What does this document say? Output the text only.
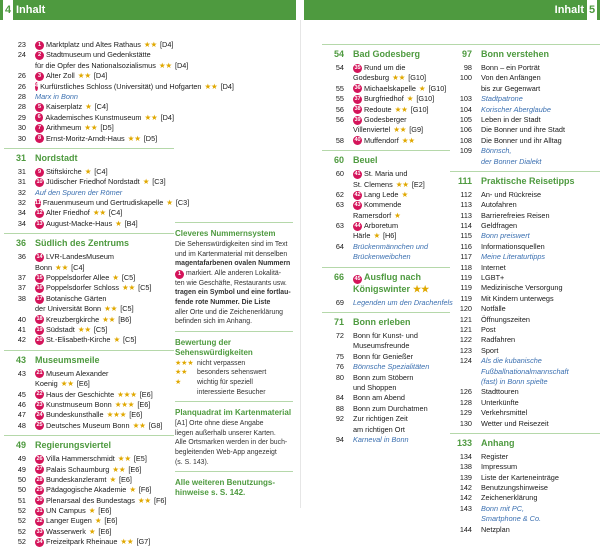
4 Inhalt	Inhalt 5
23	1 Marktplatz und Altes Rathaus ★★ [D4]
24	2 Stadtmuseum und Gedenkstätte
für die Opfer des Nationalsozialismus ★★ [D4]
26	3 Alter Zoll ★★ [D4]
26 4 Kurfürstliches Schloss (Universität) und Hofgarten ★★ [D4]
28 Marx in Bonn
28	5 Kaiserplatz ★ [C4]
29	6 Akademisches Kunstmuseum ★★ [D4]
30	7 Arithmeum ★★ [D5]
30	8 Ernst-Moritz-Arndt-Haus ★★ [D5]
31 Nordstadt
31	9 Stiftskirche ★ [C4]
31 10 Jüdischer Friedhof Nordstadt ★ [C3]
32 Auf den Spuren der Römer
32 11 Frauenmuseum und Gertrudiskapelle ★ [C3]
34 12 Alter Friedhof ★★ [C4]
34 13 August-Macke-Haus ★ [B4]
36 Südlich des Zentrums
36 14 LVR-LandesMuseum
Bonn ★★ [C4]
37 15 Poppelsdorfer Allee ★ [C5]
37 16 Poppelsdorfer Schloss ★★ [C5]
38 17 Botanische Gärten
der Universität Bonn ★★ [C5]
40 18 Kreuzbergkirche ★★ [B6]
41 19 Südstadt ★★ [C5]
42 20 St.-Elisabeth-Kirche ★ [C5]
43 Museumsmeile
43 21 Museum Alexander
Koenig ★★ [E6]
45 22 Haus der Geschichte ★★★ [E6]
46 23 Kunstmuseum Bonn ★★★ [E6]
47 24 Bundeskunsthalle ★★★ [E6]
48 25 Deutsches Museum Bonn ★★ [G8]
49 Regierungsviertel
49 26 Villa Hammerschmidt ★★ [E5]
49 27 Palais Schaumburg ★★ [E6]
50 28 Bundeskanzleramt ★ [E6]
50 29 Pädagogische Akademie ★ [F6]
51 30 Plenarsaal des Bundestags ★★ [F6]
52 31 UN Campus ★ [E6]
52 32 Langer Eugen ★ [E6]
52 33 Wasserwerk ★ [E6]
52 34 Freizeitpark Rheinaue ★★ [G7]
54 Bad Godesberg
54 35 Rund um die
Godesburg ★★ [G10]
55 36 Michaelskapelle ★ [G10]
55 37 Burgfriedhof ★ [G10]
56 38 Redoute ★★ [G10]
56 39 Godesberger
Villenviertel ★★ [G9]
58 40 Muffendorf ★★
60 Beuel
60 41 St. Maria und
St. Clemens ★★ [E2]
62 42 Lang Lede ★
63 43 Kommende
Ramersdorf ★
63 44 Arboretum
Härle ★ [H6]
64 Brückenmännchen und
Brückenweibchen
66 45 Ausflug nach
Königswinter ★★
69 Legenden um den Drachenfels
71 Bonn erleben
72 Bonn für Kunst- und
Museumsfreunde
75 Bonn für Genießer
76 Bönnsche Spezialitäten
80 Bonn zum Stöbern
und Shoppen
84 Bonn am Abend
88 Bonn zum Durchatmen
92 Zur richtigen Zeit
am richtigen Ort
94 Karneval in Bonn
97 Bonn verstehen
98 Bonn – ein Porträt
100 Von den Anfängen
bis zur Gegenwart
103 Stadtpatrone
104 Korischer Aberglaube
105 Leben in der Stadt
106 Die Bonner und ihre Stadt
108 Die Bonner und ihr Alltag
109 Bönnsch,
der Bonner Dialekt
111 Praktische Reisetipps
112 An- und Rückreise
113 Autofahren
113 Barrierefreies Reisen
114 Geldfragen
115 Bonn preiswert
116 Informationsquellen
117 Meine Literaturtipps
118 Internet
119 LGBT+
119 Medizinische Versorgung
119 Mit Kindern unterwegs
120 Notfälle
121 Öffnungszeiten
121 Post
122 Radfahren
123 Sport
124 Als die kubanische
Fußballnationalmannschaft
(fast) in Bonn spielte
126 Stadttouren
128 Unterkünfte
129 Verkehrsmittel
130 Wetter und Reisezeit
133 Anhang
134 Register
138 Impressum
139 Liste der Karteneinträge
142 Benutzungshinweise
142 Zeichenerklärung
143 Bonn mit PC,
Smartphone & Co.
144 Netzplan
Cleveres Nummernsystem
Die Sehenswürdigkeiten sind im Text
und im Kartenmaterial mit denselben
magentafarbenen ovalen Nummern
1 markiert. Alle anderen Lokalitä-
ten wie Geschäfte, Restaurants usw.
tragen ein Symbol und eine fortlau-
fende rote Nummer. Die Liste
aller Orte und die Zeichenerklärung
befinden sich im Anhang.
Bewertung der
Sehenswürdigkeiten
★★★ nicht verpassen
★★	besonders sehenswert
★	wichtig für speziell
interessierte Besucher
Planquadrat im Kartenmaterial
[A1] Orte ohne diese Angabe
liegen außerhalb unserer Karten.
Alle Ortsmarken werden in der buch-
begleitenden Web-App angezeigt
(s. S. 143).
Alle weiteren Benutzungs-
hinweise s. S. 142.
